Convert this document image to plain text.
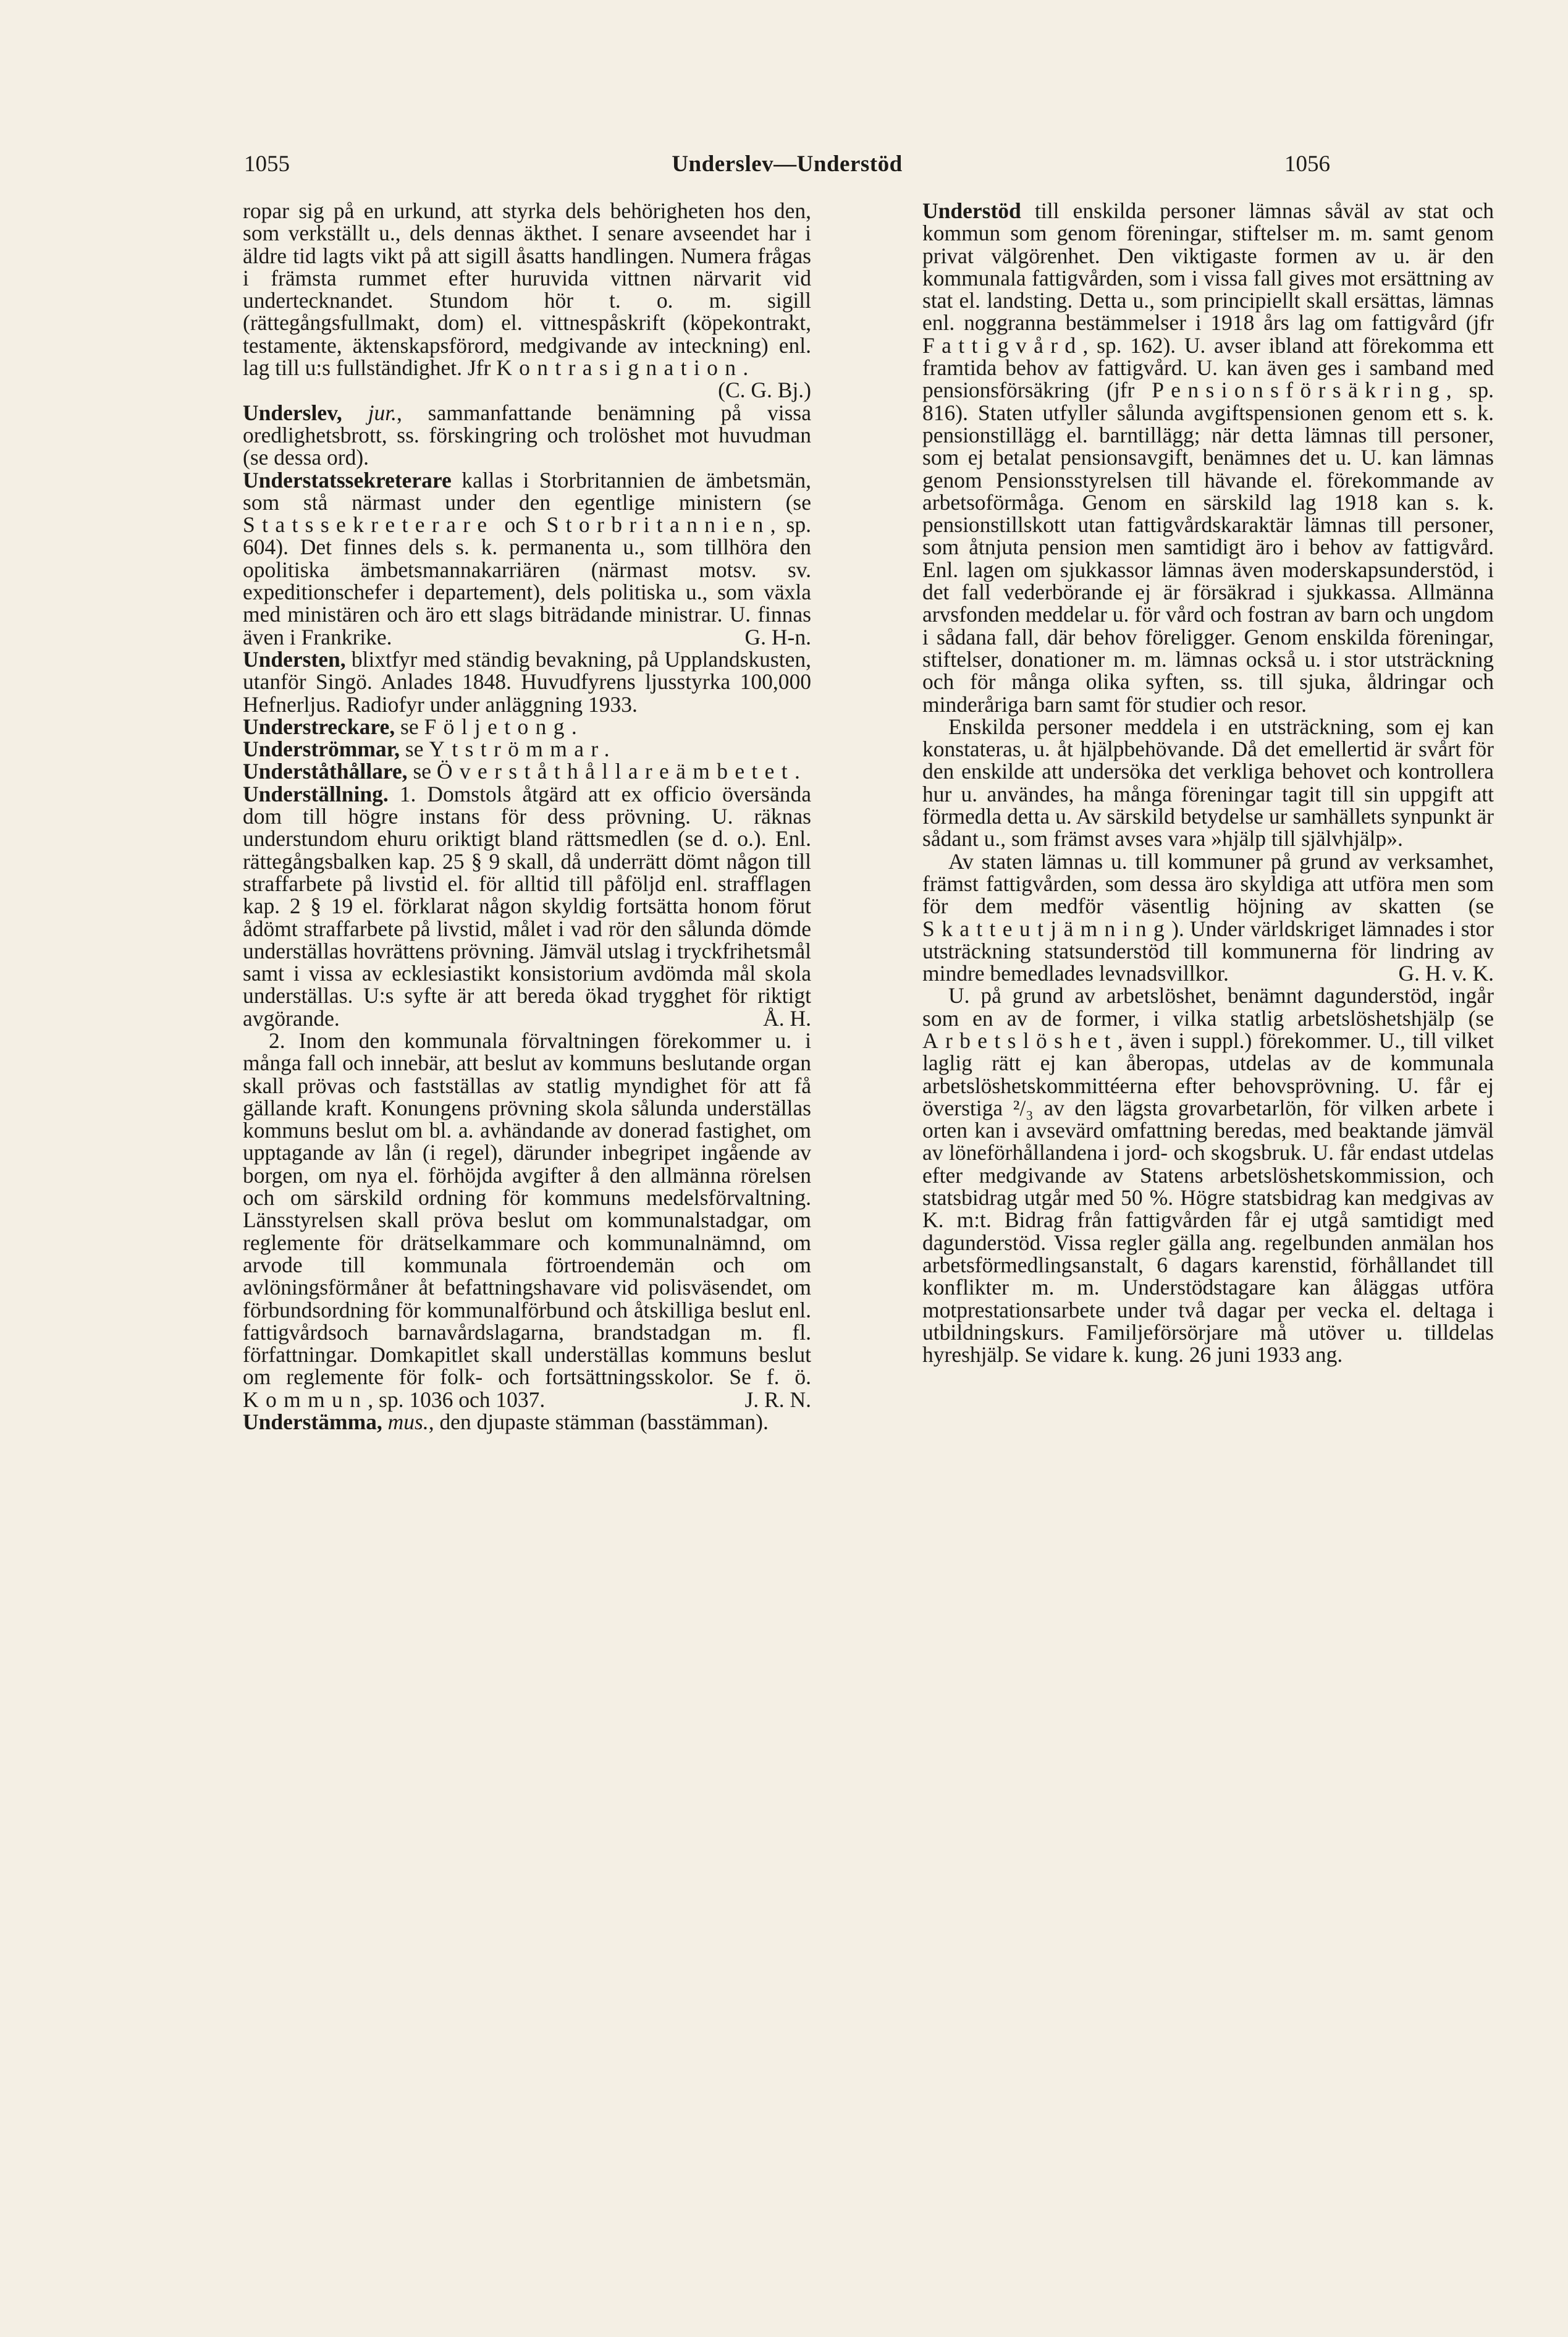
1055	Underslev—Understöd	1056

ropar sig på en urkund, att styrka dels behörigheten hos den, som verkställt u., dels dennas äkthet. I senare avseendet har i äldre tid lagts vikt på att sigill åsatts handlingen. Numera frågas i främsta rummet efter huruvida vittnen närvarit vid undertecknandet. Stundom hör t. o. m. sigill (rättegångsfullmakt, dom) el. vittnespåskrift (köpekontrakt, testamente, äktenskapsförord, medgivande av inteckning) enl. lag till u:s fullständighet. Jfr Kontrasignation.
(C. G. Bj.)

Underslev, jur., sammanfattande benämning på vissa oredlighetsbrott, ss. förskingring och trolöshet mot huvudman (se dessa ord).

Understatssekreterare kallas i Storbritannien de ämbetsmän, som stå närmast under den egentlige ministern (se Statssekreterare och Storbritannien, sp. 604). Det finnes dels s. k. permanenta u., som tillhöra den opolitiska ämbetsmannakarriären (närmast motsv. sv. expeditionschefer i departement), dels politiska u., som växla med ministären och äro ett slags biträdande ministrar. U. finnas även i Frankrike.	G. H-n.

Understen, blixtfyr med ständig bevakning, på Upplandskusten, utanför Singö. Anlades 1848. Huvudfyrens ljusstyrka 100,000 Hefnerljus. Radiofyr under anläggning 1933.

Understreckare, se Följetong.

Underströmmar, se Ytströmmar.

Underståthållare, se Överståthållareämbetet.

Underställning. 1. Domstols åtgärd att ex officio översända dom till högre instans för dess prövning. U. räknas understundom ehuru oriktigt bland rättsmedlen (se d. o.). Enl. rättegångsbalken kap. 25 § 9 skall, då underrätt dömt någon till straffarbete på livstid el. för alltid till påföljd enl. strafflagen kap. 2 § 19 el. förklarat någon skyldig fortsätta honom förut ådömt straffarbete på livstid, målet i vad rör den sålunda dömde underställas hovrättens prövning. Jämväl utslag i tryckfrihetsmål samt i vissa av ecklesiastikt konsistorium avdömda mål skola underställas. U:s syfte är att bereda ökad trygghet för riktigt avgörande.	Å. H.

2. Inom den kommunala förvaltningen förekommer u. i många fall och innebär, att beslut av kommuns beslutande organ skall prövas och fastställas av statlig myndighet för att få gällande kraft. Konungens prövning skola sålunda underställas kommuns beslut om bl. a. avhändande av donerad fastighet, om upptagande av lån (i regel), därunder inbegripet ingående av borgen, om nya el. förhöjda avgifter å den allmänna rörelsen och om särskild ordning för kommuns medelsförvaltning. Länsstyrelsen skall pröva beslut om kommunalstadgar, om reglemente för drätselkammare och kommunalnämnd, om arvode till kommunala förtroendemän och om avlöningsförmåner åt befattningshavare vid polisväsendet, om förbundsordning för kommunalförbund och åtskilliga beslut enl. fattigvårdsoch barnavårdslagarna, brandstadgan m. fl. författningar. Domkapitlet skall underställas kommuns beslut om reglemente för folk- och fortsättningsskolor. Se f. ö. Kommun, sp. 1036 och 1037.	J. R. N.

Understämma, mus., den djupaste stämman (basstämman).

Understöd till enskilda personer lämnas såväl av stat och kommun som genom föreningar, stiftelser m. m. samt genom privat välgörenhet. Den viktigaste formen av u. är den kommunala fattigvården, som i vissa fall gives mot ersättning av stat el. landsting. Detta u., som principiellt skall ersättas, lämnas enl. noggranna bestämmelser i 1918 års lag om fattigvård (jfr Fattigvård, sp. 162). U. avser ibland att förekomma ett framtida behov av fattigvård. U. kan även ges i samband med pensionsförsäkring (jfr Pensionsförsäkring, sp. 816). Staten utfyller sålunda avgiftspensionen genom ett s. k. pensionstillägg el. barntillägg; när detta lämnas till personer, som ej betalat pensionsavgift, benämnes det u. U. kan lämnas genom Pensionsstyrelsen till hävande el. förekommande av arbetsoförmåga. Genom en särskild lag 1918 kan s. k. pensionstillskott utan fattigvårdskaraktär lämnas till personer, som åtnjuta pension men samtidigt äro i behov av fattigvård. Enl. lagen om sjukkassor lämnas även moderskapsunderstöd, i det fall vederbörande ej är försäkrad i sjukkassa. Allmänna arvsfonden meddelar u. för vård och fostran av barn och ungdom i sådana fall, där behov föreligger. Genom enskilda föreningar, stiftelser, donationer m. m. lämnas också u. i stor utsträckning och för många olika syften, ss. till sjuka, åldringar och minderåriga barn samt för studier och resor.

Enskilda personer meddela i en utsträckning, som ej kan konstateras, u. åt hjälpbehövande. Då det emellertid är svårt för den enskilde att undersöka det verkliga behovet och kontrollera hur u. användes, ha många föreningar tagit till sin uppgift att förmedla detta u. Av särskild betydelse ur samhällets synpunkt är sådant u., som främst avses vara »hjälp till självhjälp».

Av staten lämnas u. till kommuner på grund av verksamhet, främst fattigvården, som dessa äro skyldiga att utföra men som för dem medför väsentlig höjning av skatten (se Skatteutjämning). Under världskriget lämnades i stor utsträckning statsunderstöd till kommunerna för lindring av mindre bemedlades levnadsvillkor.	G. H. v. K.

U. på grund av arbetslöshet, benämnt dagunderstöd, ingår som en av de former, i vilka statlig arbetslöshetshjälp (se Arbetslöshet, även i suppl.) förekommer. U., till vilket laglig rätt ej kan åberopas, utdelas av de kommunala arbetslöshetskommittéerna efter behovsprövning. U. får ej överstiga ²/₃ av den lägsta grovarbetarlön, för vilken arbete i orten kan i avsevärd omfattning beredas, med beaktande jämväl av löneförhållandena i jord- och skogsbruk. U. får endast utdelas efter medgivande av Statens arbetslöshetskommission, och statsbidrag utgår med 50 %. Högre statsbidrag kan medgivas av K. m:t. Bidrag från fattigvården får ej utgå samtidigt med dagunderstöd. Vissa regler gälla ang. regelbunden anmälan hos arbetsförmedlingsanstalt, 6 dagars karenstid, förhållandet till konflikter m. m. Understödstagare kan åläggas utföra motprestationsarbete under två dagar per vecka el. deltaga i utbildningskurs. Familjeförsörjare må utöver u. tilldelas hyreshjälp. Se vidare k. kung. 26 juni 1933 ang.
